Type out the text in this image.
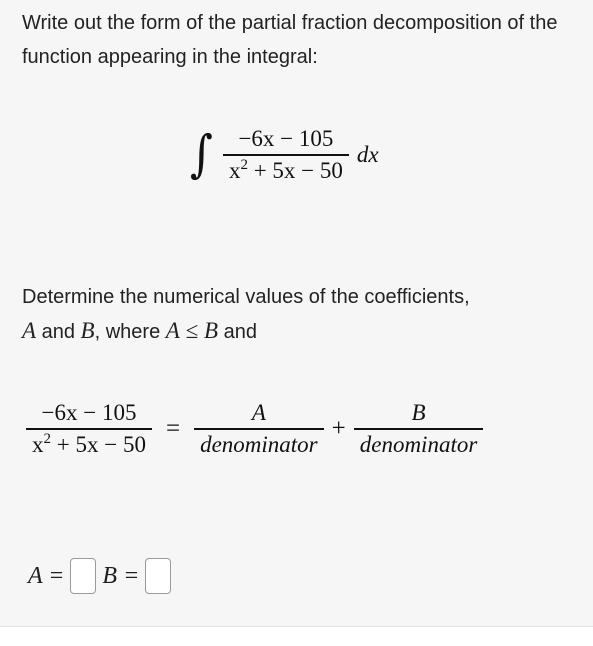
Write out the form of the partial fraction decomposition of the function appearing in the integral:
∫ $\frac{-6x - 105}{x^2 + 5x - 50}$ dx
Determine the numerical values of the coefficients,
A and B, where A ≤ B and
$\frac{-6x - 105}{x^2 + 5x - 50} = \frac{A}{\text{denominator}} + \frac{B}{\text{denominator}}$
A = B =
